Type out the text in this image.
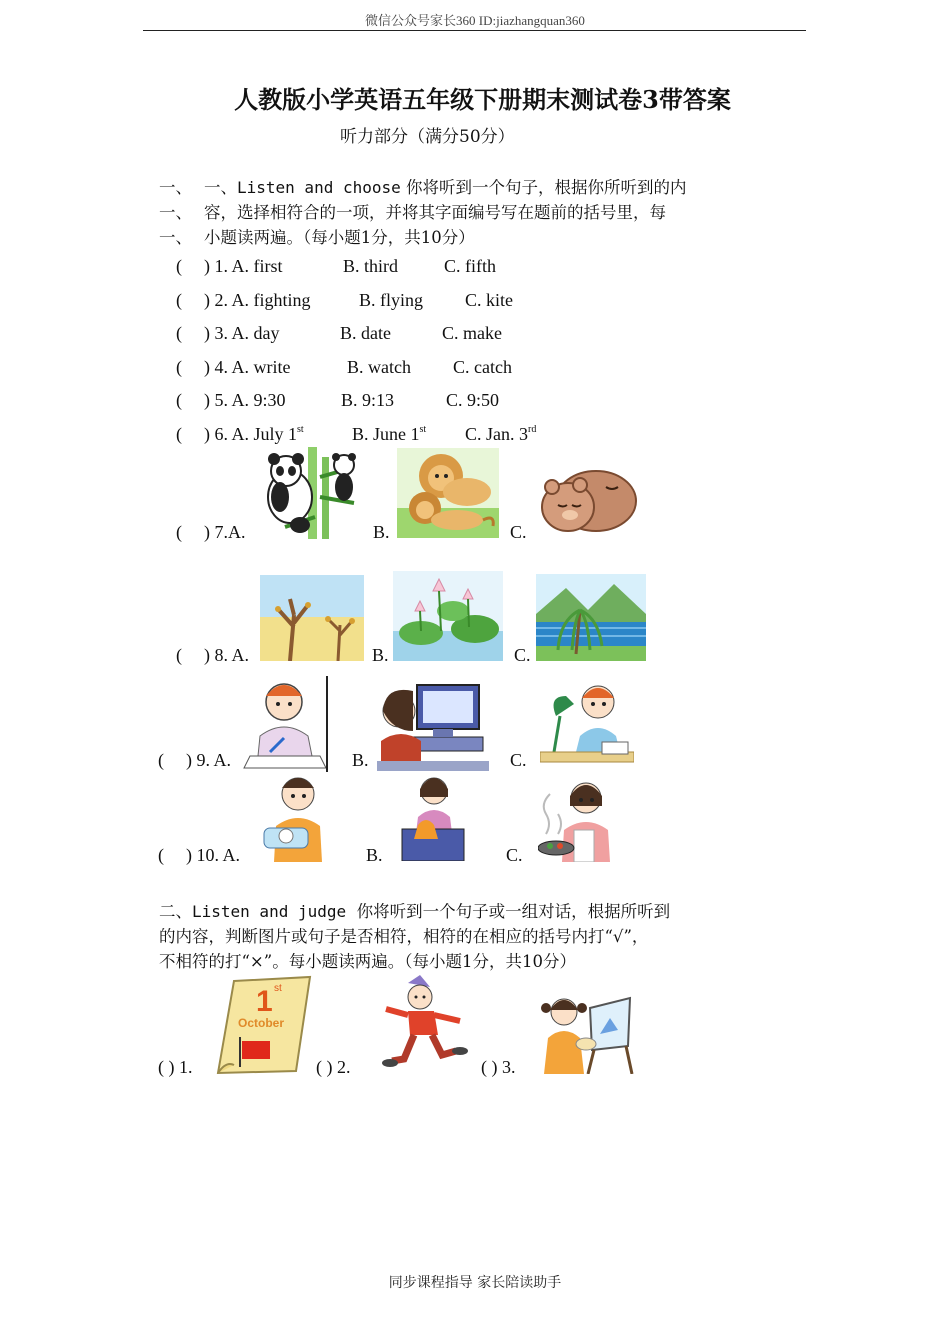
微信公众号家长360 ID:jiazhangquan360
人教版小学英语五年级下册期末测试卷3带答案
听力部分（满分50分）
一、 一、Listen and choose 你将听到一个句子，根据你所听到的内
一、 容，选择相符合的一项，并将其字面编号写在题前的括号里，每
一、 小题读两遍。（每小题1分，共10分）
( ) 1. A. first	B. third	C. fifth
( ) 2. A. fighting	B. flying C. kite
( ) 3. A. day	B. date	C. make
( ) 4. A. write	B. watch C. catch
( ) 5. A. 9:30	B. 9:13	C. 9:50
( ) 6. A. July 1st	B. June 1st	C. Jan. 3rd
( ) 7.A.	B.	C.
( ) 8. A.	B.	C.
( ) 9. A.	B.	C.
( ) 10. A.	B.	C.
二、Listen and judge 你将听到一个句子或一组对话，根据所听到
的内容，判断图片或句子是否相符，相符的在相应的括号内打“√”，
不相符的打“×”。每小题读两遍。（每小题1分，共10分）
( ) 1.	( ) 2.	( ) 3.
1 st
October
同步课程指导 家长陪读助手
